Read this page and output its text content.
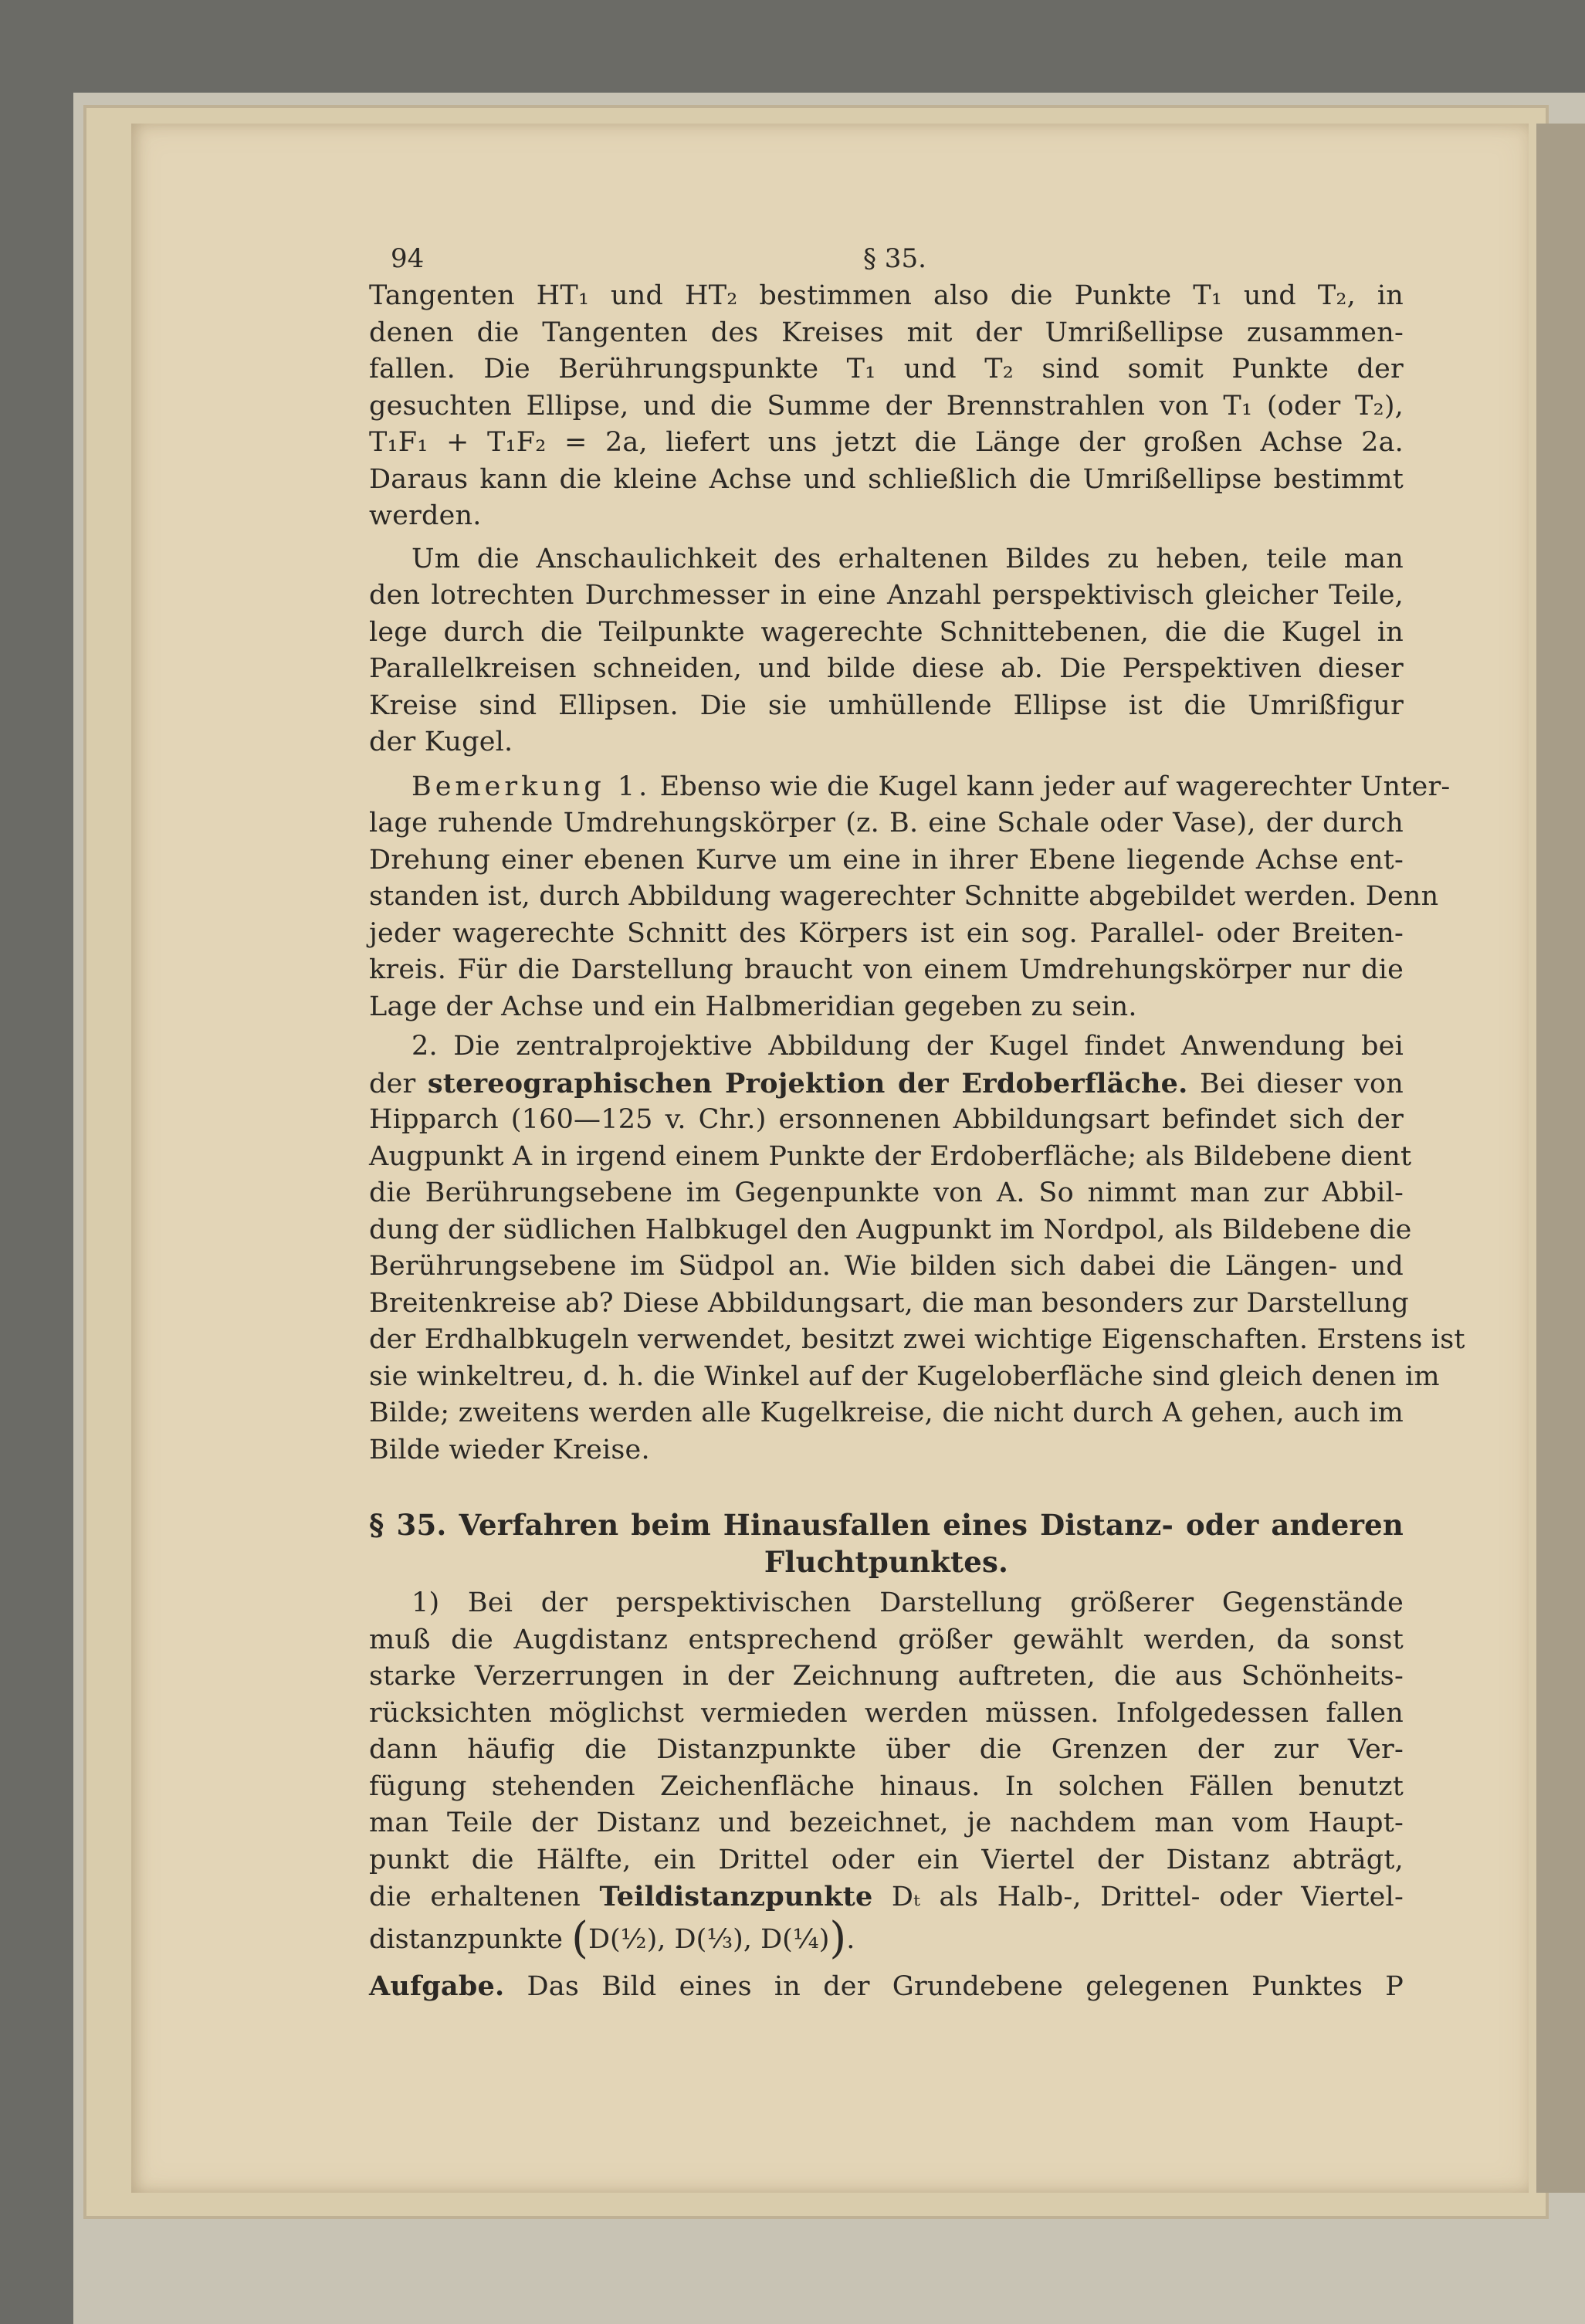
94	§ 35.
Tangenten HT₁ und HT₂ bestimmen also die Punkte T₁ und T₂, in
denen die Tangenten des Kreises mit der Umrißellipse zusammen-
fallen. Die Berührungspunkte T₁ und T₂ sind somit Punkte der
gesuchten Ellipse, und die Summe der Brennstrahlen von T₁ (oder T₂),
T₁F₁ + T₁F₂ = 2a, liefert uns jetzt die Länge der großen Achse 2a.
Daraus kann die kleine Achse und schließlich die Umrißellipse bestimmt
werden.
Um die Anschaulichkeit des erhaltenen Bildes zu heben, teile man
den lotrechten Durchmesser in eine Anzahl perspektivisch gleicher Teile,
lege durch die Teilpunkte wagerechte Schnittebenen, die die Kugel in
Parallelkreisen schneiden, und bilde diese ab. Die Perspektiven dieser
Kreise sind Ellipsen. Die sie umhüllende Ellipse ist die Umrißfigur
der Kugel.
Bemerkung 1. Ebenso wie die Kugel kann jeder auf wagerechter Unter-
lage ruhende Umdrehungskörper (z. B. eine Schale oder Vase), der durch
Drehung einer ebenen Kurve um eine in ihrer Ebene liegende Achse ent-
standen ist, durch Abbildung wagerechter Schnitte abgebildet werden. Denn
jeder wagerechte Schnitt des Körpers ist ein sog. Parallel- oder Breiten-
kreis. Für die Darstellung braucht von einem Umdrehungskörper nur die
Lage der Achse und ein Halbmeridian gegeben zu sein.
2. Die zentralprojektive Abbildung der Kugel findet Anwendung bei
der stereographischen Projektion der Erdoberfläche. Bei dieser von
Hipparch (160—125 v. Chr.) ersonnenen Abbildungsart befindet sich der
Augpunkt A in irgend einem Punkte der Erdoberfläche; als Bildebene dient
die Berührungsebene im Gegenpunkte von A. So nimmt man zur Abbil-
dung der südlichen Halbkugel den Augpunkt im Nordpol, als Bildebene die
Berührungsebene im Südpol an. Wie bilden sich dabei die Längen- und
Breitenkreise ab? Diese Abbildungsart, die man besonders zur Darstellung
der Erdhalbkugeln verwendet, besitzt zwei wichtige Eigenschaften. Erstens ist
sie winkeltreu, d. h. die Winkel auf der Kugeloberfläche sind gleich denen im
Bilde; zweitens werden alle Kugelkreise, die nicht durch A gehen, auch im
Bilde wieder Kreise.
§ 35. Verfahren beim Hinausfallen eines Distanz- oder anderen
Fluchtpunktes.
1) Bei der perspektivischen Darstellung größerer Gegenstände
muß die Augdistanz entsprechend größer gewählt werden, da sonst
starke Verzerrungen in der Zeichnung auftreten, die aus Schönheits-
rücksichten möglichst vermieden werden müssen. Infolgedessen fallen
dann häufig die Distanzpunkte über die Grenzen der zur Ver-
fügung stehenden Zeichenfläche hinaus. In solchen Fällen benutzt
man Teile der Distanz und bezeichnet, je nachdem man vom Haupt-
punkt die Hälfte, ein Drittel oder ein Viertel der Distanz abträgt,
die erhaltenen Teildistanzpunkte Dₜ als Halb-, Drittel- oder Viertel-
distanzpunkte (D(½), D(⅓), D(¼)).
Aufgabe. Das Bild eines in der Grundebene gelegenen Punktes P
